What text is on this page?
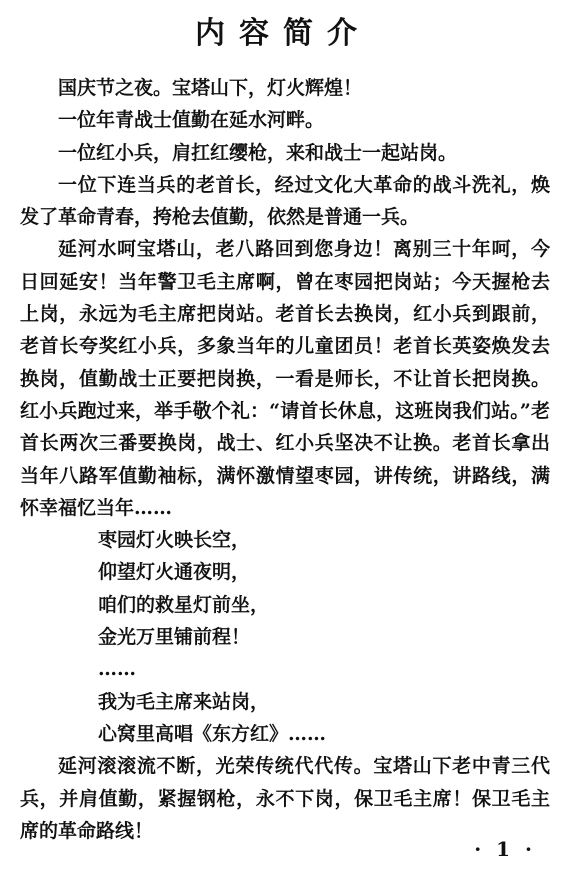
内容简介

国庆节之夜。宝塔山下，灯火辉煌！

一位年青战士值勤在延水河畔。

一位红小兵，肩扛红缨枪，来和战士一起站岗。

一位下连当兵的老首长，经过文化大革命的战斗洗礼，焕发了革命青春，挎枪去值勤，依然是普通一兵。

延河水呵宝塔山，老八路回到您身边！离别三十年呵，今日回延安！当年警卫毛主席啊，曾在枣园把岗站；今天握枪去上岗，永远为毛主席把岗站。老首长去换岗，红小兵到跟前，老首长夸奖红小兵，多象当年的儿童团员！老首长英姿焕发去换岗，值勤战士正要把岗换，一看是师长，不让首长把岗换。红小兵跑过来，举手敬个礼：“请首长休息，这班岗我们站。”老首长两次三番要换岗，战士、红小兵坚决不让换。老首长拿出当年八路军值勤袖标，满怀激情望枣园，讲传统，讲路线，满怀幸福忆当年……

枣园灯火映长空，

仰望灯火通夜明，

咱们的救星灯前坐，

金光万里铺前程！

……

我为毛主席来站岗，

心窝里高唱《东方红》……

延河滚滚流不断，光荣传统代代传。宝塔山下老中青三代兵，并肩值勤，紧握钢枪，永不下岗，保卫毛主席！保卫毛主席的革命路线！

· 1 ·
